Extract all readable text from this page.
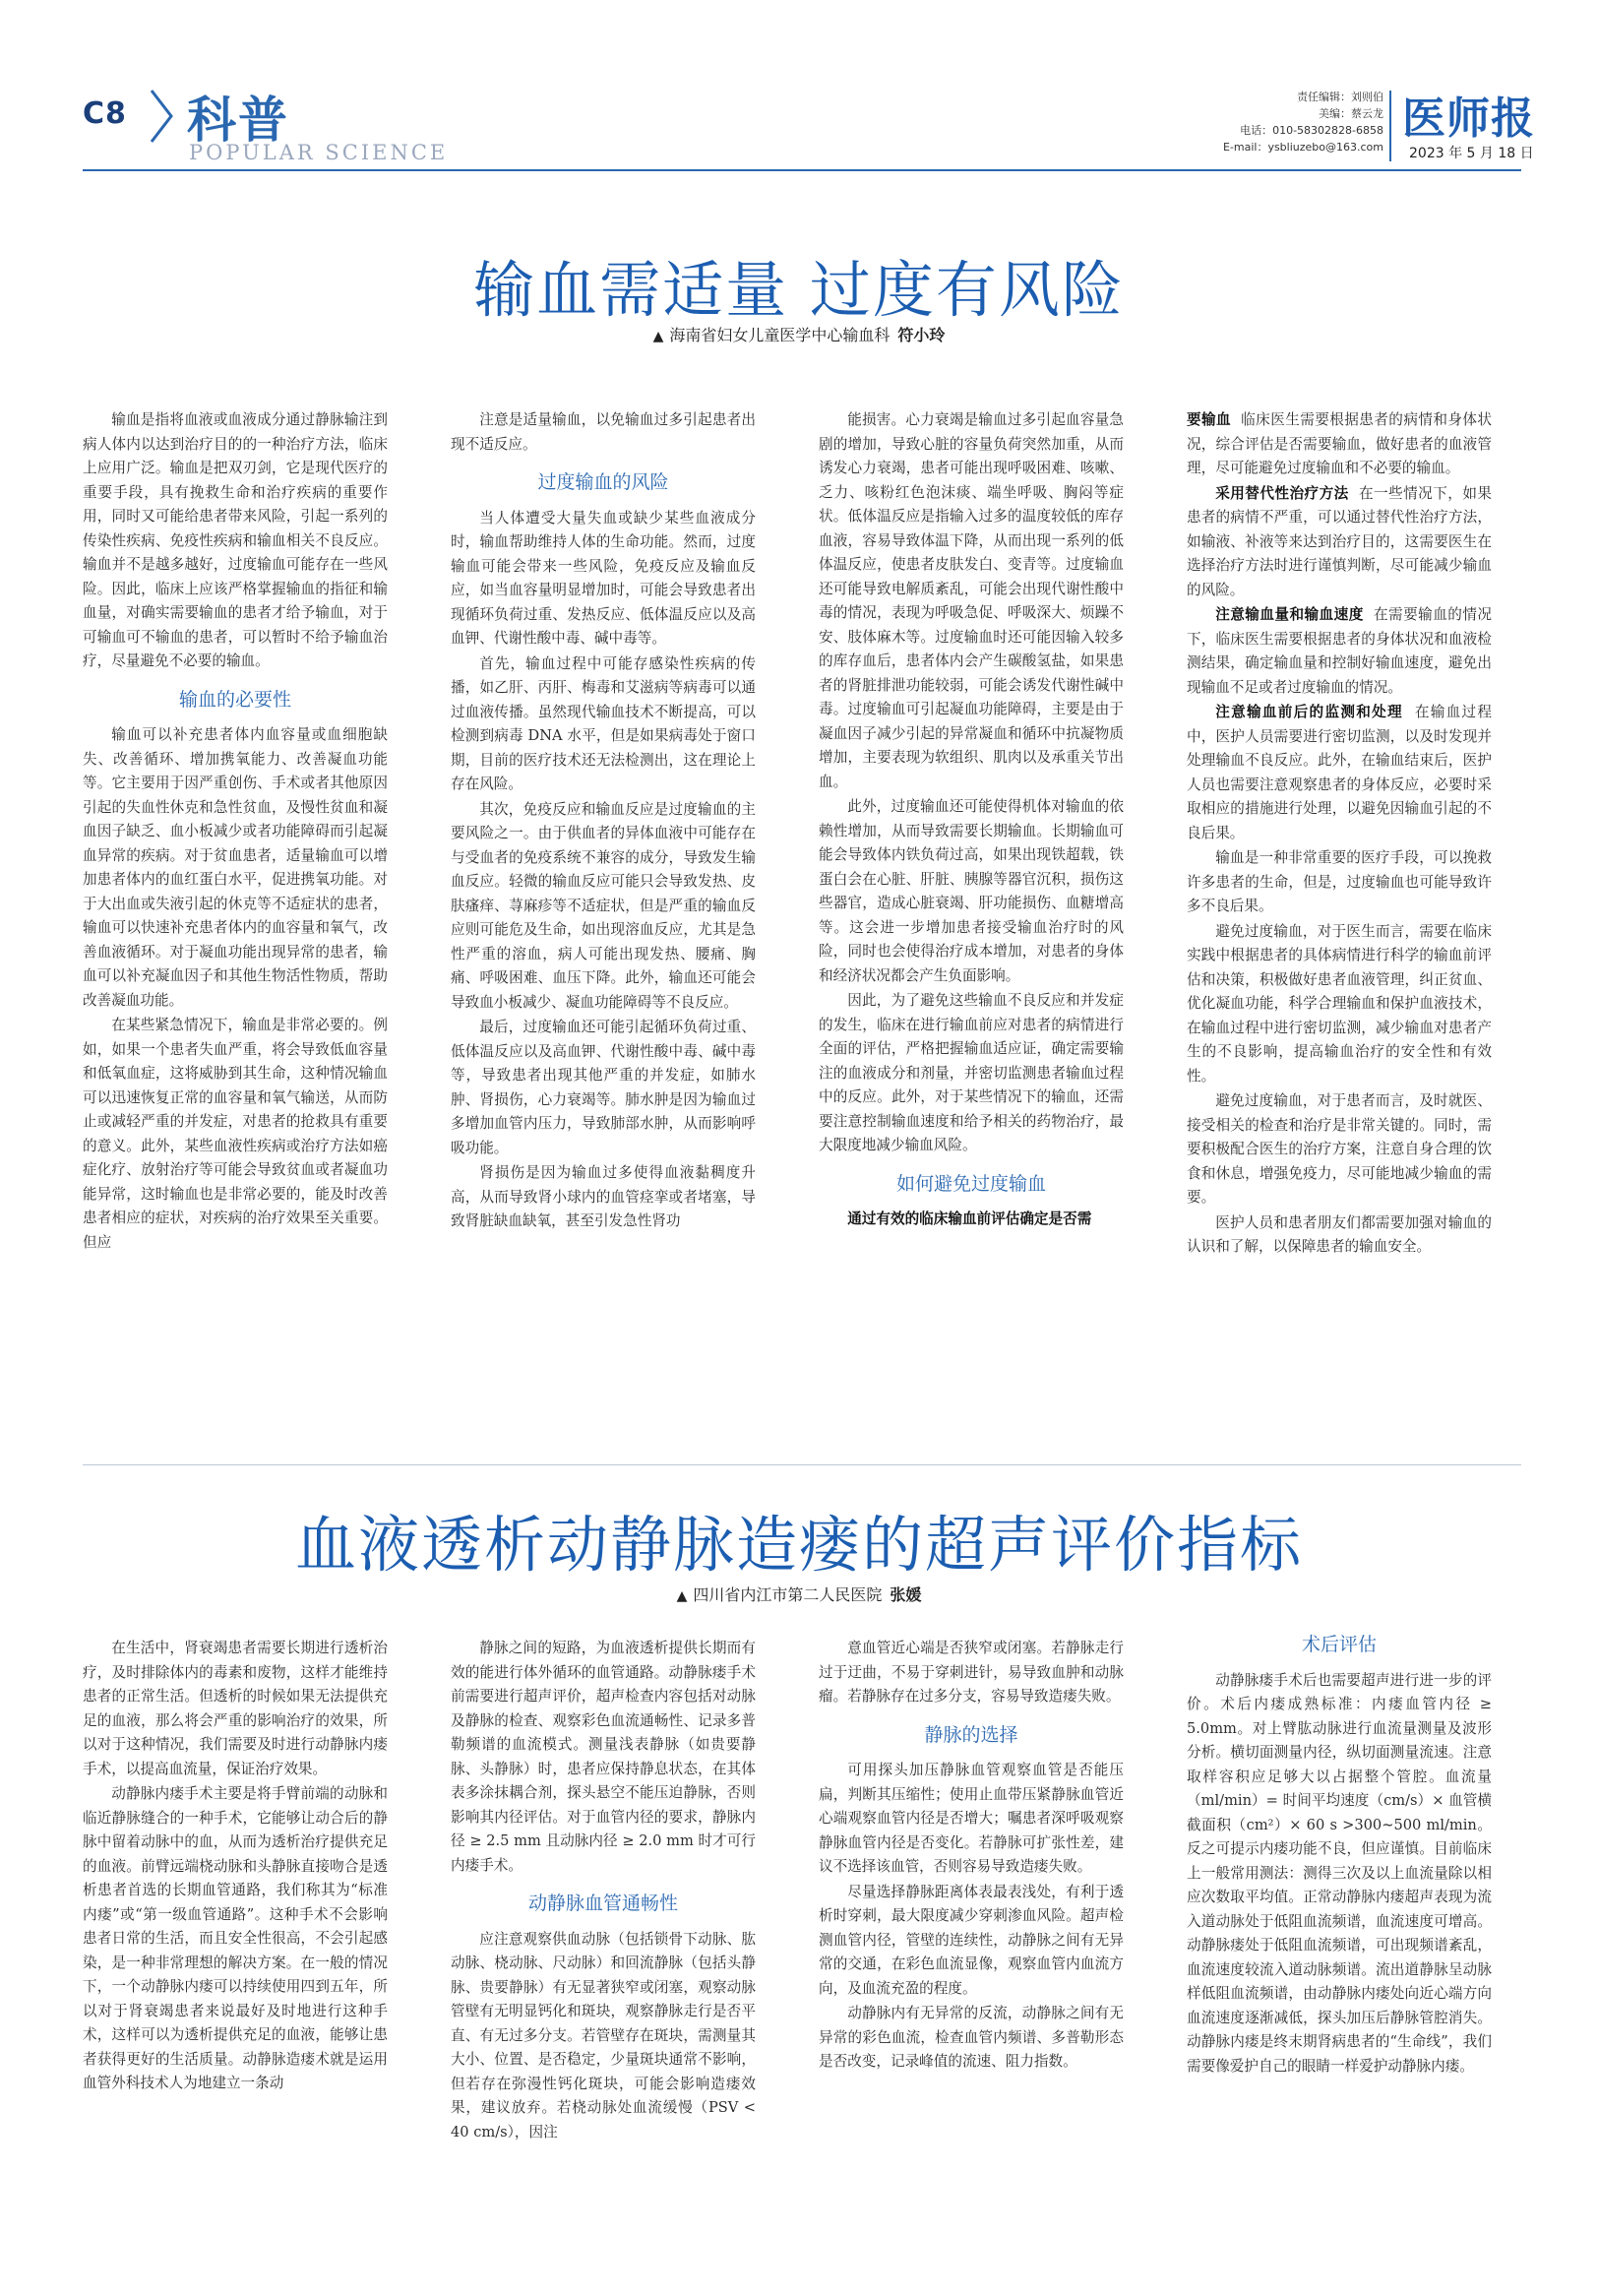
C8 科普
POPULAR SCIENCE
责任编辑：刘则伯
美编：蔡云龙
电话：010-58302828-6858
E-mail：ysbliuzebo@163.com
医师报
2023 年 5 月 18 日
输血需适量 过度有风险
▲ 海南省妇女儿童医学中心输血科 符小玲

输血是指将血液或血液成分通过静脉输注到病人体内以达到治疗目的的一种治疗方法，临床上应用广泛。输血是把双刃剑，它是现代医疗的重要手段，具有挽救生命和治疗疾病的重要作用，同时又可能给患者带来风险，引起一系列的传染性疾病、免疫性疾病和输血相关不良反应。输血并不是越多越好，过度输血可能存在一些风险。因此，临床上应该严格掌握输血的指征和输血量，对确实需要输血的患者才给予输血，对于可输血可不输血的患者，可以暂时不给予输血治疗，尽量避免不必要的输血。

输血的必要性

输血可以补充患者体内血容量或血细胞缺失、改善循环、增加携氧能力、改善凝血功能等。它主要用于因严重创伤、手术或者其他原因引起的失血性休克和急性贫血，及慢性贫血和凝血因子缺乏、血小板减少或者功能障碍而引起凝血异常的疾病。对于贫血患者，适量输血可以增加患者体内的血红蛋白水平，促进携氧功能。对于大出血或失液引起的休克等不适症状的患者，输血可以快速补充患者体内的血容量和氧气，改善血液循环。对于凝血功能出现异常的患者，输血可以补充凝血因子和其他生物活性物质，帮助改善凝血功能。

在某些紧急情况下，输血是非常必要的。例如，如果一个患者失血严重，将会导致低血容量和低氧血症，这将威胁到其生命，这种情况输血可以迅速恢复正常的血容量和氧气输送，从而防止或减轻严重的并发症，对患者的抢救具有重要的意义。此外，某些血液性疾病或治疗方法如癌症化疗、放射治疗等可能会导致贫血或者凝血功能异常，这时输血也是非常必要的，能及时改善患者相应的症状，对疾病的治疗效果至关重要。但应

注意是适量输血，以免输血过多引起患者出现不适反应。

过度输血的风险

当人体遭受大量失血或缺少某些血液成分时，输血帮助维持人体的生命功能。然而，过度输血可能会带来一些风险，免疫反应及输血反应，如当血容量明显增加时，可能会导致患者出现循环负荷过重、发热反应、低体温反应以及高血钾、代谢性酸中毒、碱中毒等。

首先，输血过程中可能存感染性疾病的传播，如乙肝、丙肝、梅毒和艾滋病等病毒可以通过血液传播。虽然现代输血技术不断提高，可以检测到病毒 DNA 水平，但是如果病毒处于窗口期，目前的医疗技术还无法检测出，这在理论上存在风险。

其次，免疫反应和输血反应是过度输血的主要风险之一。由于供血者的异体血液中可能存在与受血者的免疫系统不兼容的成分，导致发生输血反应。轻微的输血反应可能只会导致发热、皮肤瘙痒、荨麻疹等不适症状，但是严重的输血反应则可能危及生命，如出现溶血反应，尤其是急性严重的溶血，病人可能出现发热、腰痛、胸痛、呼吸困难、血压下降。此外，输血还可能会导致血小板减少、凝血功能障碍等不良反应。

最后，过度输血还可能引起循环负荷过重、低体温反应以及高血钾、代谢性酸中毒、碱中毒等，导致患者出现其他严重的并发症，如肺水肿、肾损伤，心力衰竭等。肺水肿是因为输血过多增加血管内压力，导致肺部水肿，从而影响呼吸功能。

肾损伤是因为输血过多使得血液黏稠度升高，从而导致肾小球内的血管痉挛或者堵塞，导致肾脏缺血缺氧，甚至引发急性肾功

能损害。心力衰竭是输血过多引起血容量急剧的增加，导致心脏的容量负荷突然加重，从而诱发心力衰竭，患者可能出现呼吸困难、咳嗽、乏力、咳粉红色泡沫痰、端坐呼吸、胸闷等症状。低体温反应是指输入过多的温度较低的库存血液，容易导致体温下降，从而出现一系列的低体温反应，使患者皮肤发白、变青等。过度输血还可能导致电解质紊乱，可能会出现代谢性酸中毒的情况，表现为呼吸急促、呼吸深大、烦躁不安、肢体麻木等。过度输血时还可能因输入较多的库存血后，患者体内会产生碳酸氢盐，如果患者的肾脏排泄功能较弱，可能会诱发代谢性碱中毒。过度输血可引起凝血功能障碍，主要是由于凝血因子减少引起的异常凝血和循环中抗凝物质增加，主要表现为软组织、肌肉以及承重关节出血。

此外，过度输血还可能使得机体对输血的依赖性增加，从而导致需要长期输血。长期输血可能会导致体内铁负荷过高，如果出现铁超载，铁蛋白会在心脏、肝脏、胰腺等器官沉积，损伤这些器官，造成心脏衰竭、肝功能损伤、血糖增高等。这会进一步增加患者接受输血治疗时的风险，同时也会使得治疗成本增加，对患者的身体和经济状况都会产生负面影响。

因此，为了避免这些输血不良反应和并发症的发生，临床在进行输血前应对患者的病情进行全面的评估，严格把握输血适应证，确定需要输注的血液成分和剂量，并密切监测患者输血过程中的反应。此外，对于某些情况下的输血，还需要注意控制输血速度和给予相关的药物治疗，最大限度地减少输血风险。

如何避免过度输血

通过有效的临床输血前评估确定是否需

要输血 临床医生需要根据患者的病情和身体状况，综合评估是否需要输血，做好患者的血液管理，尽可能避免过度输血和不必要的输血。

采用替代性治疗方法 在一些情况下，如果患者的病情不严重，可以通过替代性治疗方法，如输液、补液等来达到治疗目的，这需要医生在选择治疗方法时进行谨慎判断，尽可能减少输血的风险。

注意输血量和输血速度 在需要输血的情况下，临床医生需要根据患者的身体状况和血液检测结果，确定输血量和控制好输血速度，避免出现输血不足或者过度输血的情况。

注意输血前后的监测和处理 在输血过程中，医护人员需要进行密切监测，以及时发现并处理输血不良反应。此外，在输血结束后，医护人员也需要注意观察患者的身体反应，必要时采取相应的措施进行处理，以避免因输血引起的不良后果。

输血是一种非常重要的医疗手段，可以挽救许多患者的生命，但是，过度输血也可能导致许多不良后果。

避免过度输血，对于医生而言，需要在临床实践中根据患者的具体病情进行科学的输血前评估和决策，积极做好患者血液管理，纠正贫血、优化凝血功能，科学合理输血和保护血液技术，在输血过程中进行密切监测，减少输血对患者产生的不良影响，提高输血治疗的安全性和有效性。

避免过度输血，对于患者而言，及时就医、接受相关的检查和治疗是非常关键的。同时，需要积极配合医生的治疗方案，注意自身合理的饮食和休息，增强免疫力，尽可能地减少输血的需要。

医护人员和患者朋友们都需要加强对输血的认识和了解，以保障患者的输血安全。

血液透析动静脉造瘘的超声评价指标
▲ 四川省内江市第二人民医院 张媛

在生活中，肾衰竭患者需要长期进行透析治疗，及时排除体内的毒素和废物，这样才能维持患者的正常生活。但透析的时候如果无法提供充足的血液，那么将会严重的影响治疗的效果，所以对于这种情况，我们需要及时进行动静脉内瘘手术，以提高血流量，保证治疗效果。

动静脉内瘘手术主要是将手臂前端的动脉和临近静脉缝合的一种手术，它能够让动合后的静脉中留着动脉中的血，从而为透析治疗提供充足的血液。前臂远端桡动脉和头静脉直接吻合是透析患者首选的长期血管通路，我们称其为“标准内瘘”或“第一级血管通路”。这种手术不会影响患者日常的生活，而且安全性很高，不会引起感染，是一种非常理想的解决方案。在一般的情况下，一个动静脉内瘘可以持续使用四到五年，所以对于肾衰竭患者来说最好及时地进行这种手术，这样可以为透析提供充足的血液，能够让患者获得更好的生活质量。动静脉造瘘术就是运用血管外科技术人为地建立一条动

静脉之间的短路，为血液透析提供长期而有效的能进行体外循环的血管通路。动静脉瘘手术前需要进行超声评价，超声检查内容包括对动脉及静脉的检查、观察彩色血流通畅性、记录多普勒频谱的血流模式。测量浅表静脉（如贵要静脉、头静脉）时，患者应保持静息状态，在其体表多涂抹耦合剂，探头悬空不能压迫静脉，否则影响其内径评估。对于血管内径的要求，静脉内径 ≥ 2.5 mm 且动脉内径 ≥ 2.0 mm 时才可行内瘘手术。

动静脉血管通畅性

应注意观察供血动脉（包括锁骨下动脉、肱动脉、桡动脉、尺动脉）和回流静脉（包括头静脉、贵要静脉）有无显著狭窄或闭塞，观察动脉管壁有无明显钙化和斑块，观察静脉走行是否平直、有无过多分支。若管壁存在斑块，需测量其大小、位置、是否稳定，少量斑块通常不影响，但若存在弥漫性钙化斑块，可能会影响造瘘效果，建议放弃。若桡动脉处血流缓慢（PSV < 40 cm/s），因注

意血管近心端是否狭窄或闭塞。若静脉走行过于迂曲，不易于穿刺进针，易导致血肿和动脉瘤。若静脉存在过多分支，容易导致造瘘失败。

静脉的选择

可用探头加压静脉血管观察血管是否能压扁，判断其压缩性；使用止血带压紧静脉血管近心端观察血管内径是否增大；嘱患者深呼吸观察静脉血管内径是否变化。若静脉可扩张性差，建议不选择该血管，否则容易导致造瘘失败。

尽量选择静脉距离体表最表浅处，有利于透析时穿刺，最大限度减少穿刺渗血风险。超声检测血管内径，管壁的连续性，动静脉之间有无异常的交通，在彩色血流显像，观察血管内血流方向，及血流充盈的程度。

动静脉内有无异常的反流，动静脉之间有无异常的彩色血流，检查血管内频谱、多普勒形态是否改变，记录峰值的流速、阻力指数。

术后评估

动静脉瘘手术后也需要超声进行进一步的评价。术后内瘘成熟标准：内瘘血管内径 ≥ 5.0mm。对上臂肱动脉进行血流量测量及波形分析。横切面测量内径，纵切面测量流速。注意取样容积应足够大以占据整个管腔。血流量（ml/min）= 时间平均速度（cm/s）× 血管横截面积（cm²）× 60 s >300~500 ml/min。反之可提示内瘘功能不良，但应谨慎。目前临床上一般常用测法：测得三次及以上血流量除以相应次数取平均值。正常动静脉内瘘超声表现为流入道动脉处于低阻血流频谱，血流速度可增高。动静脉瘘处于低阻血流频谱，可出现频谱紊乱，血流速度较流入道动脉频谱。流出道静脉呈动脉样低阻血流频谱，由动静脉内瘘处向近心端方向血流速度逐渐减低，探头加压后静脉管腔消失。动静脉内瘘是终末期肾病患者的“生命线”，我们需要像爱护自己的眼睛一样爱护动静脉内瘘。
